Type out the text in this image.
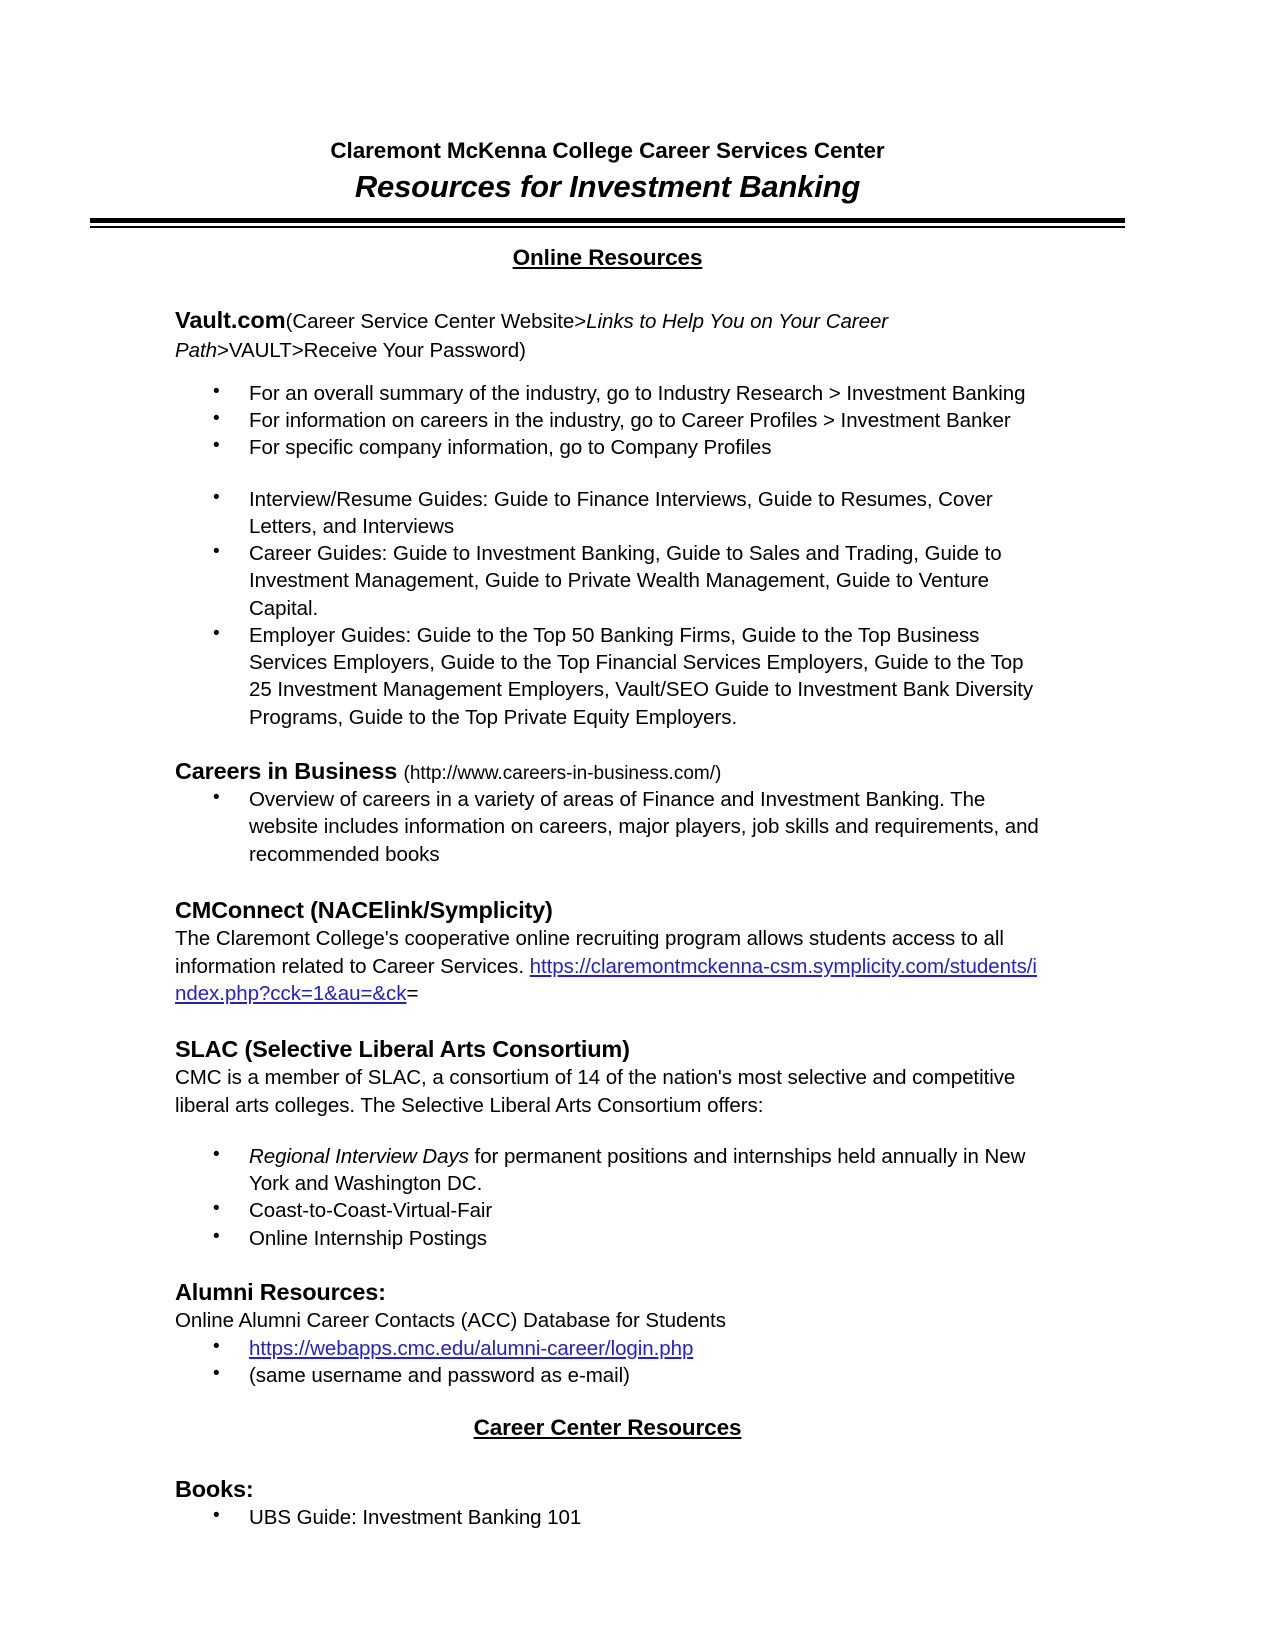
Claremont McKenna College Career Services Center
Resources for Investment Banking
Online Resources
Vault.com(Career Service Center Website>Links to Help You on Your Career Path>VAULT>Receive Your Password)
• For an overall summary of the industry, go to Industry Research > Investment Banking
• For information on careers in the industry, go to Career Profiles > Investment Banker
• For specific company information, go to Company Profiles
• Interview/Resume Guides: Guide to Finance Interviews, Guide to Resumes, Cover Letters, and Interviews
• Career Guides: Guide to Investment Banking, Guide to Sales and Trading, Guide to Investment Management, Guide to Private Wealth Management, Guide to Venture Capital.
• Employer Guides: Guide to the Top 50 Banking Firms, Guide to the Top Business Services Employers, Guide to the Top Financial Services Employers, Guide to the Top 25 Investment Management Employers, Vault/SEO Guide to Investment Bank Diversity Programs, Guide to the Top Private Equity Employers.
Careers in Business (http://www.careers-in-business.com/)
• Overview of careers in a variety of areas of Finance and Investment Banking. The website includes information on careers, major players, job skills and requirements, and recommended books
CMConnect (NACElink/Symplicity)
The Claremont College's cooperative online recruiting program allows students access to all information related to Career Services. https://claremontmckenna-csm.symplicity.com/students/index.php?cck=1&au=&ck=
SLAC (Selective Liberal Arts Consortium)
CMC is a member of SLAC, a consortium of 14 of the nation's most selective and competitive liberal arts colleges. The Selective Liberal Arts Consortium offers:
• Regional Interview Days for permanent positions and internships held annually in New York and Washington DC.
• Coast-to-Coast-Virtual-Fair
• Online Internship Postings
Alumni Resources:
Online Alumni Career Contacts (ACC) Database for Students
• https://webapps.cmc.edu/alumni-career/login.php
• (same username and password as e-mail)
Career Center Resources
Books:
• UBS Guide: Investment Banking 101
